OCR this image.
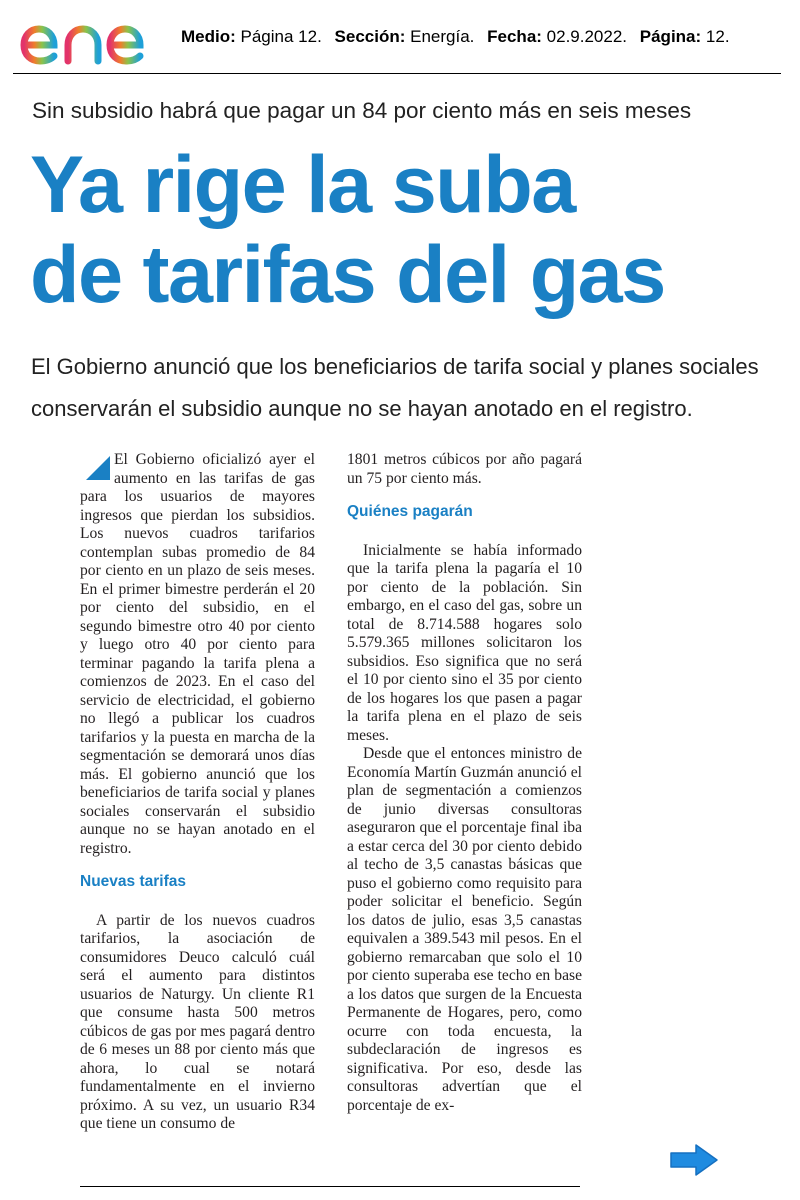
Medio: Página 12. Sección: Energía. Fecha: 02.9.2022. Página: 12.
Sin subsidio habrá que pagar un 84 por ciento más en seis meses
Ya rige la suba
de tarifas del gas
El Gobierno anunció que los beneficiarios de tarifa social y planes sociales
conservarán el subsidio aunque no se hayan anotado en el registro.

El Gobierno oficializó ayer el aumento en las tarifas de gas para los usuarios de mayores ingresos que pierdan los subsidios. Los nuevos cuadros tarifarios contemplan subas promedio de 84 por ciento en un plazo de seis meses. En el primer bimestre perderán el 20 por ciento del subsidio, en el segundo bimestre otro 40 por ciento y luego otro 40 por ciento para terminar pagando la tarifa plena a comienzos de 2023. En el caso del servicio de electricidad, el gobierno no llegó a publicar los cuadros tarifarios y la puesta en marcha de la segmentación se demorará unos días más. El gobierno anunció que los beneficiarios de tarifa social y planes sociales conservarán el subsidio aunque no se hayan anotado en el registro.

Nuevas tarifas

A partir de los nuevos cuadros tarifarios, la asociación de consumidores Deuco calculó cuál será el aumento para distintos usuarios de Naturgy. Un cliente R1 que consume hasta 500 metros cúbicos de gas por mes pagará dentro de 6 meses un 88 por ciento más que ahora, lo cual se notará fundamentalmente en el invierno próximo. A su vez, un usuario R34 que tiene un consumo de

1801 metros cúbicos por año pagará un 75 por ciento más.

Quiénes pagarán

Inicialmente se había informado que la tarifa plena la pagaría el 10 por ciento de la población. Sin embargo, en el caso del gas, sobre un total de 8.714.588 hogares solo 5.579.365 millones solicitaron los subsidios. Eso significa que no será el 10 por ciento sino el 35 por ciento de los hogares los que pasen a pagar la tarifa plena en el plazo de seis meses.

Desde que el entonces ministro de Economía Martín Guzmán anunció el plan de segmentación a comienzos de junio diversas consultoras aseguraron que el porcentaje final iba a estar cerca del 30 por ciento debido al techo de 3,5 canastas básicas que puso el gobierno como requisito para poder solicitar el beneficio. Según los datos de julio, esas 3,5 canastas equivalen a 389.543 mil pesos. En el gobierno remarcaban que solo el 10 por ciento superaba ese techo en base a los datos que surgen de la Encuesta Permanente de Hogares, pero, como ocurre con toda encuesta, la subdeclaración de ingresos es significativa. Por eso, desde las consultoras advertían que el porcentaje de ex-
